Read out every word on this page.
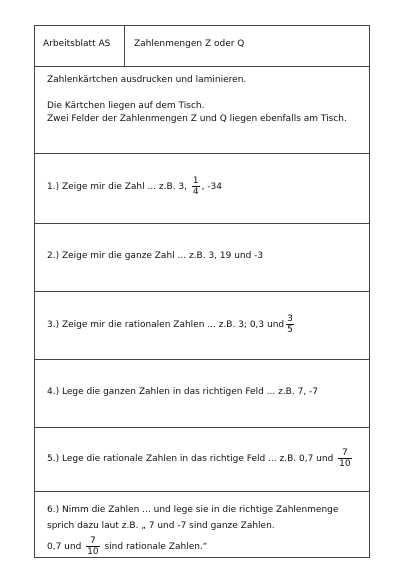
Arbeitsblatt AS	Zahlenmengen Z oder Q

Zahlenkärtchen ausdrucken und laminieren.

Die Kärtchen liegen auf dem Tisch.

Zwei Felder der Zahlenmengen Z und Q liegen ebenfalls am Tisch.

1.) Zeige mir die Zahl ... z.B. 3, $\frac{1}{4}$ , -34
2.) Zeige mir die ganze Zahl ... z.B. 3, 19 und -3
3.) Zeige mir die rationalen Zahlen ... z.B. 3; 0,3 und $\frac{3}{5}$
4.) Lege die ganzen Zahlen in das richtigen Feld ... z.B. 7, -7
5.) Lege die rationale Zahlen in das richtige Feld ... z.B. 0,7 und $\frac{7}{10}$
6.) Nimm die Zahlen ... und lege sie in die richtige Zahlenmenge
sprich dazu laut z.B. „ 7 und -7 sind ganze Zahlen.
0,7 und $\frac{7}{10}$ sind rationale Zahlen.“
